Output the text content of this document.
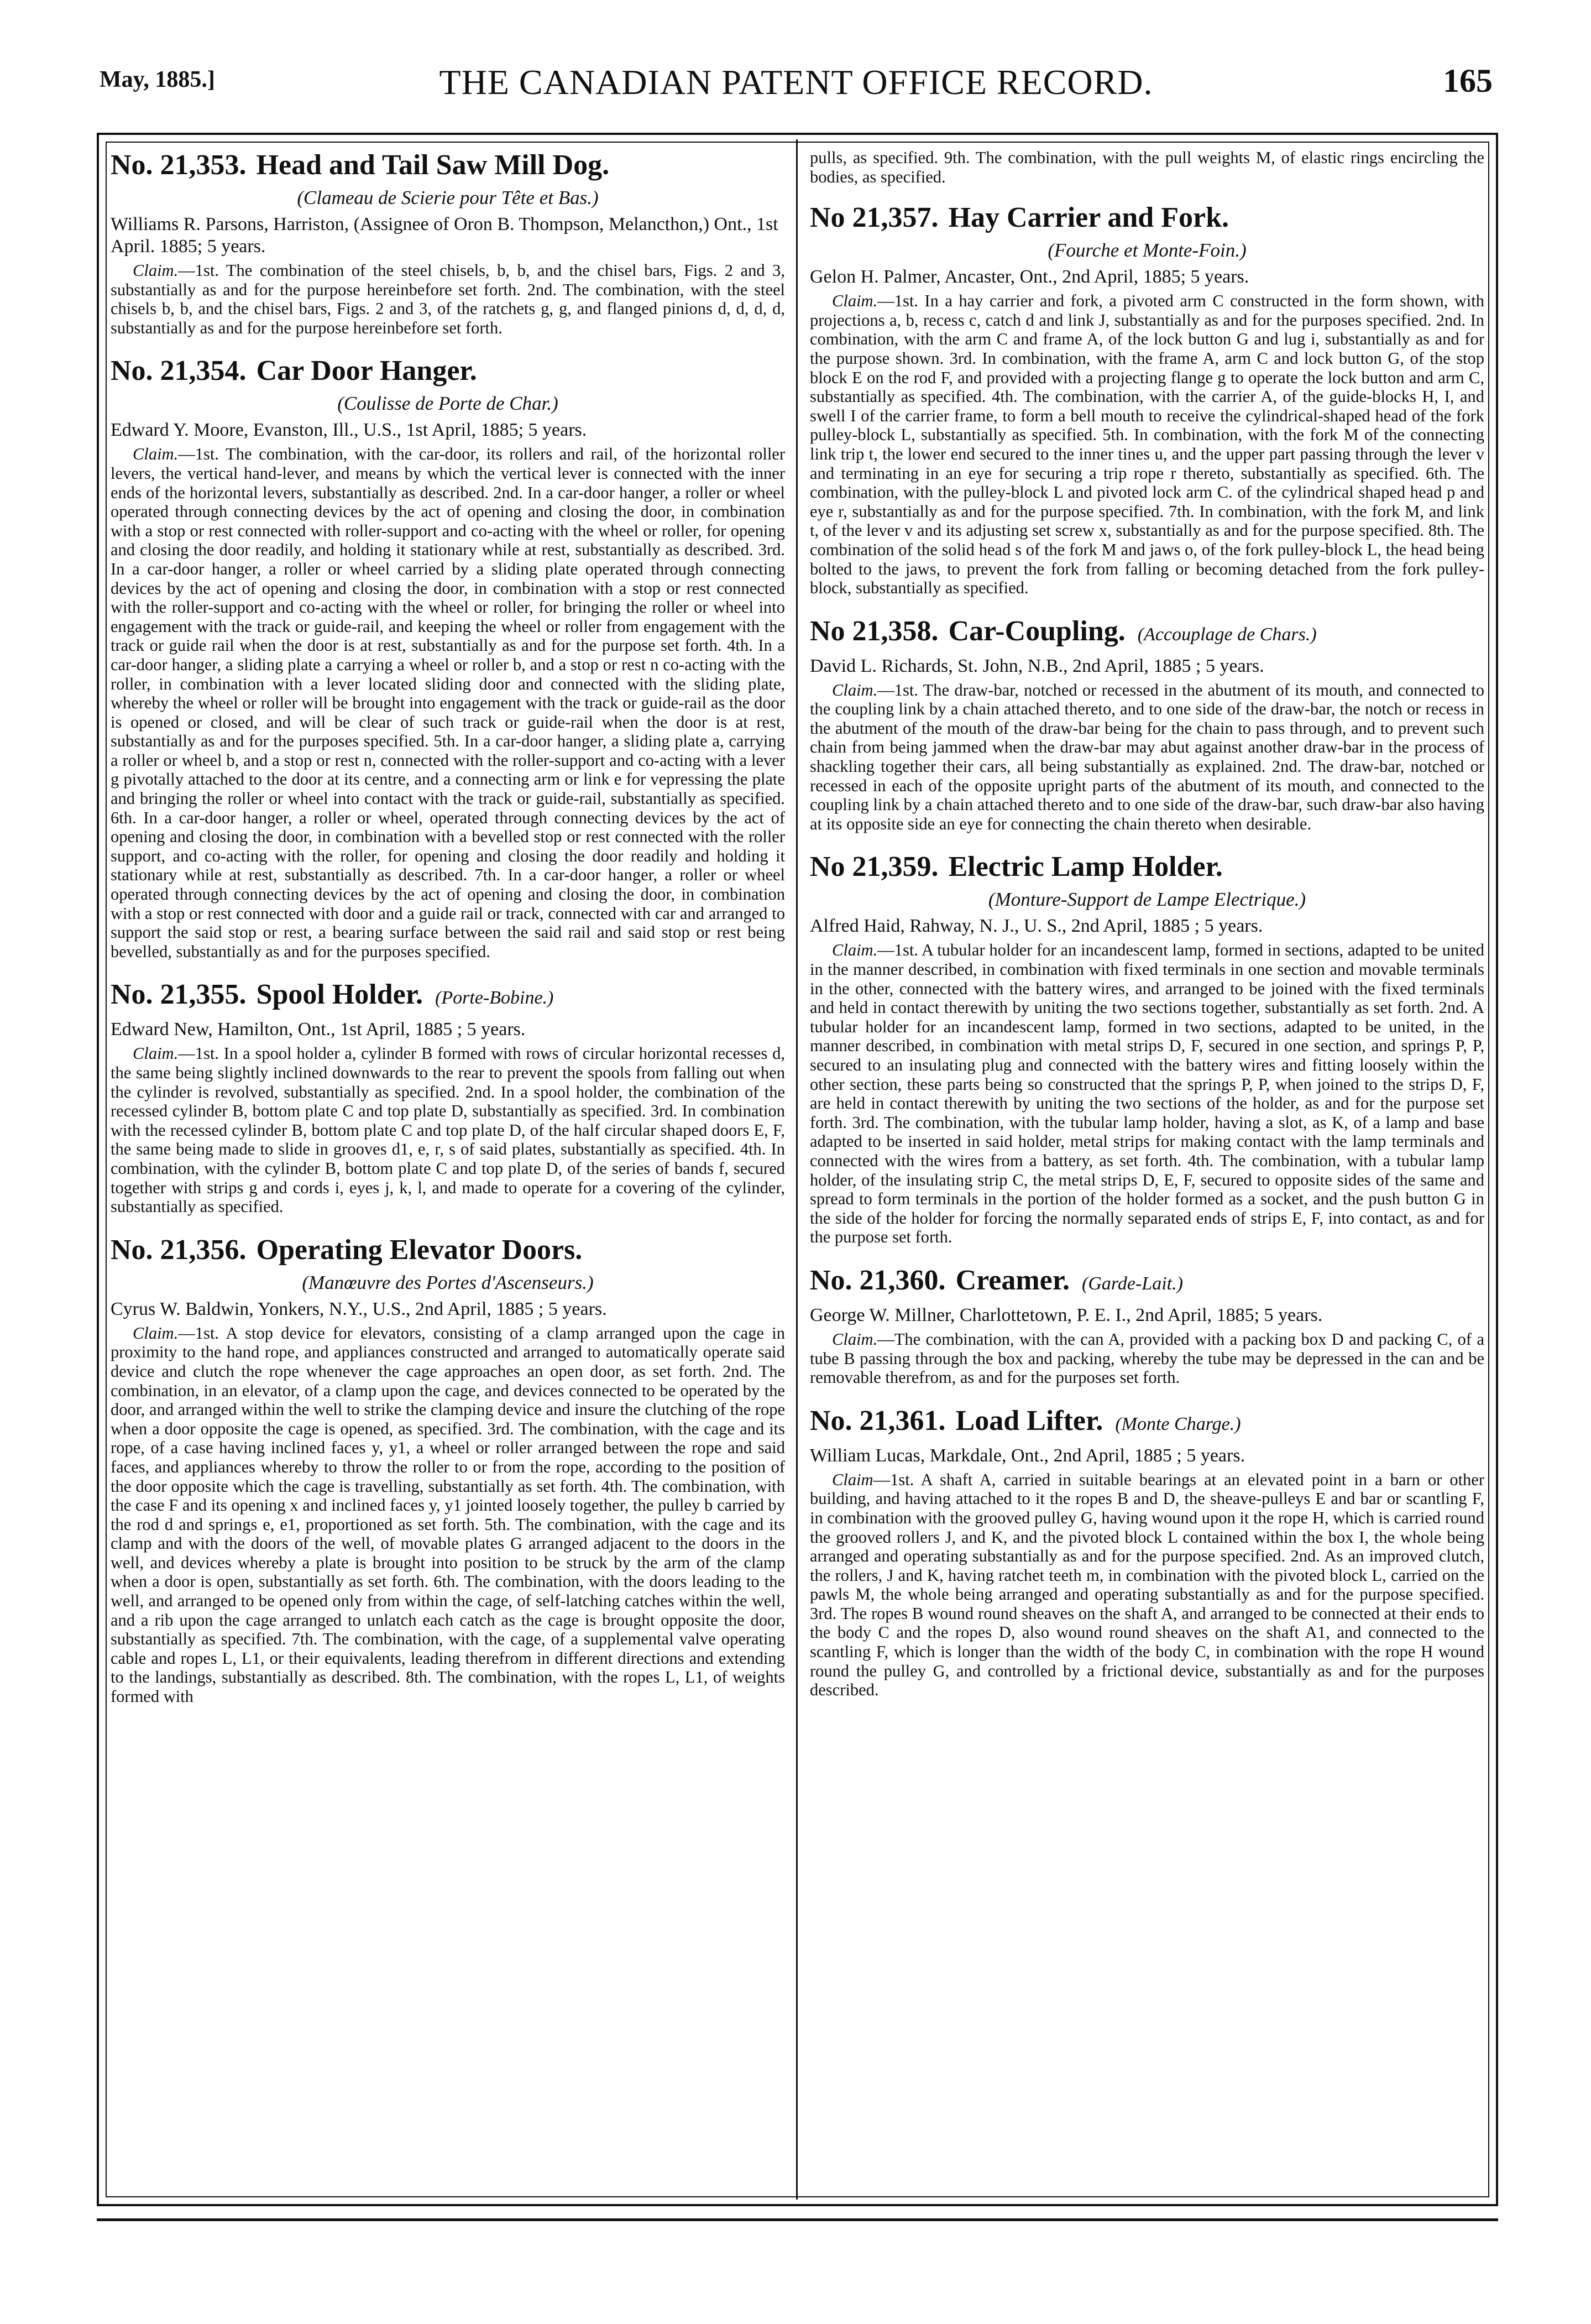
May, 1885.]	THE CANADIAN PATENT OFFICE RECORD.	165
No. 21,353. Head and Tail Saw Mill Dog.
(Clameau de Scierie pour Tête et Bas.)
Williams R. Parsons, Harriston, (Assignee of Oron B. Thompson, Melancthon,) Ont., 1st April. 1885; 5 years.
Claim.—1st. The combination of the steel chisels, b, b, and the chisel bars, Figs. 2 and 3, substantially as and for the purpose hereinbefore set forth. 2nd. The combination, with the steel chisels b, b, and the chisel bars, Figs. 2 and 3, of the ratchets g, g, and flanged pinions d, d, d, d, substantially as and for the purpose hereinbefore set forth.
No. 21,354. Car Door Hanger.
(Coulisse de Porte de Char.)
Edward Y. Moore, Evanston, Ill., U.S., 1st April, 1885; 5 years.
Claim.—1st. The combination, with the car-door, its rollers and rail, of the horizontal roller levers, the vertical hand-lever, and means by which the vertical lever is connected with the inner ends of the horizontal levers, substantially as described. 2nd. In a car-door hanger, a roller or wheel operated through connecting devices by the act of opening and closing the door, in combination with a stop or rest connected with roller-support and co-acting with the wheel or roller, for opening and closing the door readily, and holding it stationary while at rest, substantially as described. 3rd. In a car-door hanger, a roller or wheel carried by a sliding plate operated through connecting devices by the act of opening and closing the door, in combination with a stop or rest connected with the roller-support and co-acting with the wheel or roller, for bringing the roller or wheel into engagement with the track or guide-rail, and keeping the wheel or roller from engagement with the track or guide rail when the door is at rest, substantially as and for the purpose set forth. 4th. In a car-door hanger, a sliding plate a carrying a wheel or roller b, and a stop or rest n co-acting with the roller, in combination with a lever located sliding door and connected with the sliding plate, whereby the wheel or roller will be brought into engagement with the track or guide-rail as the door is opened or closed, and will be clear of such track or guide-rail when the door is at rest, substantially as and for the purposes specified. 5th. In a car-door hanger, a sliding plate a, carrying a roller or wheel b, and a stop or rest n, connected with the roller-support and co-acting with a lever g pivotally attached to the door at its centre, and a connecting arm or link e for vepressing the plate and bringing the roller or wheel into contact with the track or guide-rail, substantially as specified. 6th. In a car-door hanger, a roller or wheel, operated through connecting devices by the act of opening and closing the door, in combination with a bevelled stop or rest connected with the roller support, and co-acting with the roller, for opening and closing the door readily and holding it stationary while at rest, substantially as described. 7th. In a car-door hanger, a roller or wheel operated through connecting devices by the act of opening and closing the door, in combination with a stop or rest connected with door and a guide rail or track, connected with car and arranged to support the said stop or rest, a bearing surface between the said rail and said stop or rest being bevelled, substantially as and for the purposes specified.
No. 21,355. Spool Holder. (Porte-Bobine.)
Edward New, Hamilton, Ont., 1st April, 1885 ; 5 years.
Claim.—1st. In a spool holder a, cylinder B formed with rows of circular horizontal recesses d, the same being slightly inclined downwards to the rear to prevent the spools from falling out when the cylinder is revolved, substantially as specified. 2nd. In a spool holder, the combination of the recessed cylinder B, bottom plate C and top plate D, substantially as specified. 3rd. In combination with the recessed cylinder B, bottom plate C and top plate D, of the half circular shaped doors E, F, the same being made to slide in grooves d1, e, r, s of said plates, substantially as specified. 4th. In combination, with the cylinder B, bottom plate C and top plate D, of the series of bands f, secured together with strips g and cords i, eyes j, k, l, and made to operate for a covering of the cylinder, substantially as specified.
No. 21,356. Operating Elevator Doors.
(Manœuvre des Portes d'Ascenseurs.)
Cyrus W. Baldwin, Yonkers, N.Y., U.S., 2nd April, 1885 ; 5 years.
Claim.—1st. A stop device for elevators, consisting of a clamp arranged upon the cage in proximity to the hand rope, and appliances constructed and arranged to automatically operate said device and clutch the rope whenever the cage approaches an open door, as set forth. 2nd. The combination, in an elevator, of a clamp upon the cage, and devices connected to be operated by the door, and arranged within the well to strike the clamping device and insure the clutching of the rope when a door opposite the cage is opened, as specified. 3rd. The combination, with the cage and its rope, of a case having inclined faces y, y1, a wheel or roller arranged between the rope and said faces, and appliances whereby to throw the roller to or from the rope, according to the position of the door opposite which the cage is travelling, substantially as set forth. 4th. The combination, with the case F and its opening x and inclined faces y, y1 jointed loosely together, the pulley b carried by the rod d and springs e, e1, proportioned as set forth. 5th. The combination, with the cage and its clamp and with the doors of the well, of movable plates G arranged adjacent to the doors in the well, and devices whereby a plate is brought into position to be struck by the arm of the clamp when a door is open, substantially as set forth. 6th. The combination, with the doors leading to the well, and arranged to be opened only from within the cage, of self-latching catches within the well, and a rib upon the cage arranged to unlatch each catch as the cage is brought opposite the door, substantially as specified. 7th. The combination, with the cage, of a supplemental valve operating cable and ropes L, L1, or their equivalents, leading therefrom in different directions and extending to the landings, substantially as described. 8th. The combination, with the ropes L, L1, of weights formed with
pulls, as specified. 9th. The combination, with the pull weights M, of elastic rings encircling the bodies, as specified.
No 21,357. Hay Carrier and Fork.
(Fourche et Monte-Foin.)
Gelon H. Palmer, Ancaster, Ont., 2nd April, 1885; 5 years.
Claim.—1st. In a hay carrier and fork, a pivoted arm C constructed in the form shown, with projections a, b, recess c, catch d and link J, substantially as and for the purposes specified. 2nd. In combination, with the arm C and frame A, of the lock button G and lug i, substantially as and for the purpose shown. 3rd. In combination, with the frame A, arm C and lock button G, of the stop block E on the rod F, and provided with a projecting flange g to operate the lock button and arm C, substantially as specified. 4th. The combination, with the carrier A, of the guide-blocks H, I, and swell I of the carrier frame, to form a bell mouth to receive the cylindrical-shaped head of the fork pulley-block L, substantially as specified. 5th. In combination, with the fork M of the connecting link trip t, the lower end secured to the inner tines u, and the upper part passing through the lever v and terminating in an eye for securing a trip rope r thereto, substantially as specified. 6th. The combination, with the pulley-block L and pivoted lock arm C. of the cylindrical shaped head p and eye r, substantially as and for the purpose specified. 7th. In combination, with the fork M, and link t, of the lever v and its adjusting set screw x, substantially as and for the purpose specified. 8th. The combination of the solid head s of the fork M and jaws o, of the fork pulley-block L, the head being bolted to the jaws, to prevent the fork from falling or becoming detached from the fork pulley-block, substantially as specified.
No 21,358. Car-Coupling. (Accouplage de Chars.)
David L. Richards, St. John, N.B., 2nd April, 1885 ; 5 years.
Claim.—1st. The draw-bar, notched or recessed in the abutment of its mouth, and connected to the coupling link by a chain attached thereto, and to one side of the draw-bar, the notch or recess in the abutment of the mouth of the draw-bar being for the chain to pass through, and to prevent such chain from being jammed when the draw-bar may abut against another draw-bar in the process of shackling together their cars, all being substantially as explained. 2nd. The draw-bar, notched or recessed in each of the opposite upright parts of the abutment of its mouth, and connected to the coupling link by a chain attached thereto and to one side of the draw-bar, such draw-bar also having at its opposite side an eye for connecting the chain thereto when desirable.
No 21,359. Electric Lamp Holder.
(Monture-Support de Lampe Electrique.)
Alfred Haid, Rahway, N. J., U. S., 2nd April, 1885 ; 5 years.
Claim.—1st. A tubular holder for an incandescent lamp, formed in sections, adapted to be united in the manner described, in combination with fixed terminals in one section and movable terminals in the other, connected with the battery wires, and arranged to be joined with the fixed terminals and held in contact therewith by uniting the two sections together, substantially as set forth. 2nd. A tubular holder for an incandescent lamp, formed in two sections, adapted to be united, in the manner described, in combination with metal strips D, F, secured in one section, and springs P, P, secured to an insulating plug and connected with the battery wires and fitting loosely within the other section, these parts being so constructed that the springs P, P, when joined to the strips D, F, are held in contact therewith by uniting the two sections of the holder, as and for the purpose set forth. 3rd. The combination, with the tubular lamp holder, having a slot, as K, of a lamp and base adapted to be inserted in said holder, metal strips for making contact with the lamp terminals and connected with the wires from a battery, as set forth. 4th. The combination, with a tubular lamp holder, of the insulating strip C, the metal strips D, E, F, secured to opposite sides of the same and spread to form terminals in the portion of the holder formed as a socket, and the push button G in the side of the holder for forcing the normally separated ends of strips E, F, into contact, as and for the purpose set forth.
No. 21,360. Creamer. (Garde-Lait.)
George W. Millner, Charlottetown, P. E. I., 2nd April, 1885; 5 years.
Claim.—The combination, with the can A, provided with a packing box D and packing C, of a tube B passing through the box and packing, whereby the tube may be depressed in the can and be removable therefrom, as and for the purposes set forth.
No. 21,361. Load Lifter. (Monte Charge.)
William Lucas, Markdale, Ont., 2nd April, 1885 ; 5 years.
Claim—1st. A shaft A, carried in suitable bearings at an elevated point in a barn or other building, and having attached to it the ropes B and D, the sheave-pulleys E and bar or scantling F, in combination with the grooved pulley G, having wound upon it the rope H, which is carried round the grooved rollers J, and K, and the pivoted block L contained within the box I, the whole being arranged and operating substantially as and for the purpose specified. 2nd. As an improved clutch, the rollers, J and K, having ratchet teeth m, in combination with the pivoted block L, carried on the pawls M, the whole being arranged and operating substantially as and for the purpose specified. 3rd. The ropes B wound round sheaves on the shaft A, and arranged to be connected at their ends to the body C and the ropes D, also wound round sheaves on the shaft A1, and connected to the scantling F, which is longer than the width of the body C, in combination with the rope H wound round the pulley G, and controlled by a frictional device, substantially as and for the purposes described.
